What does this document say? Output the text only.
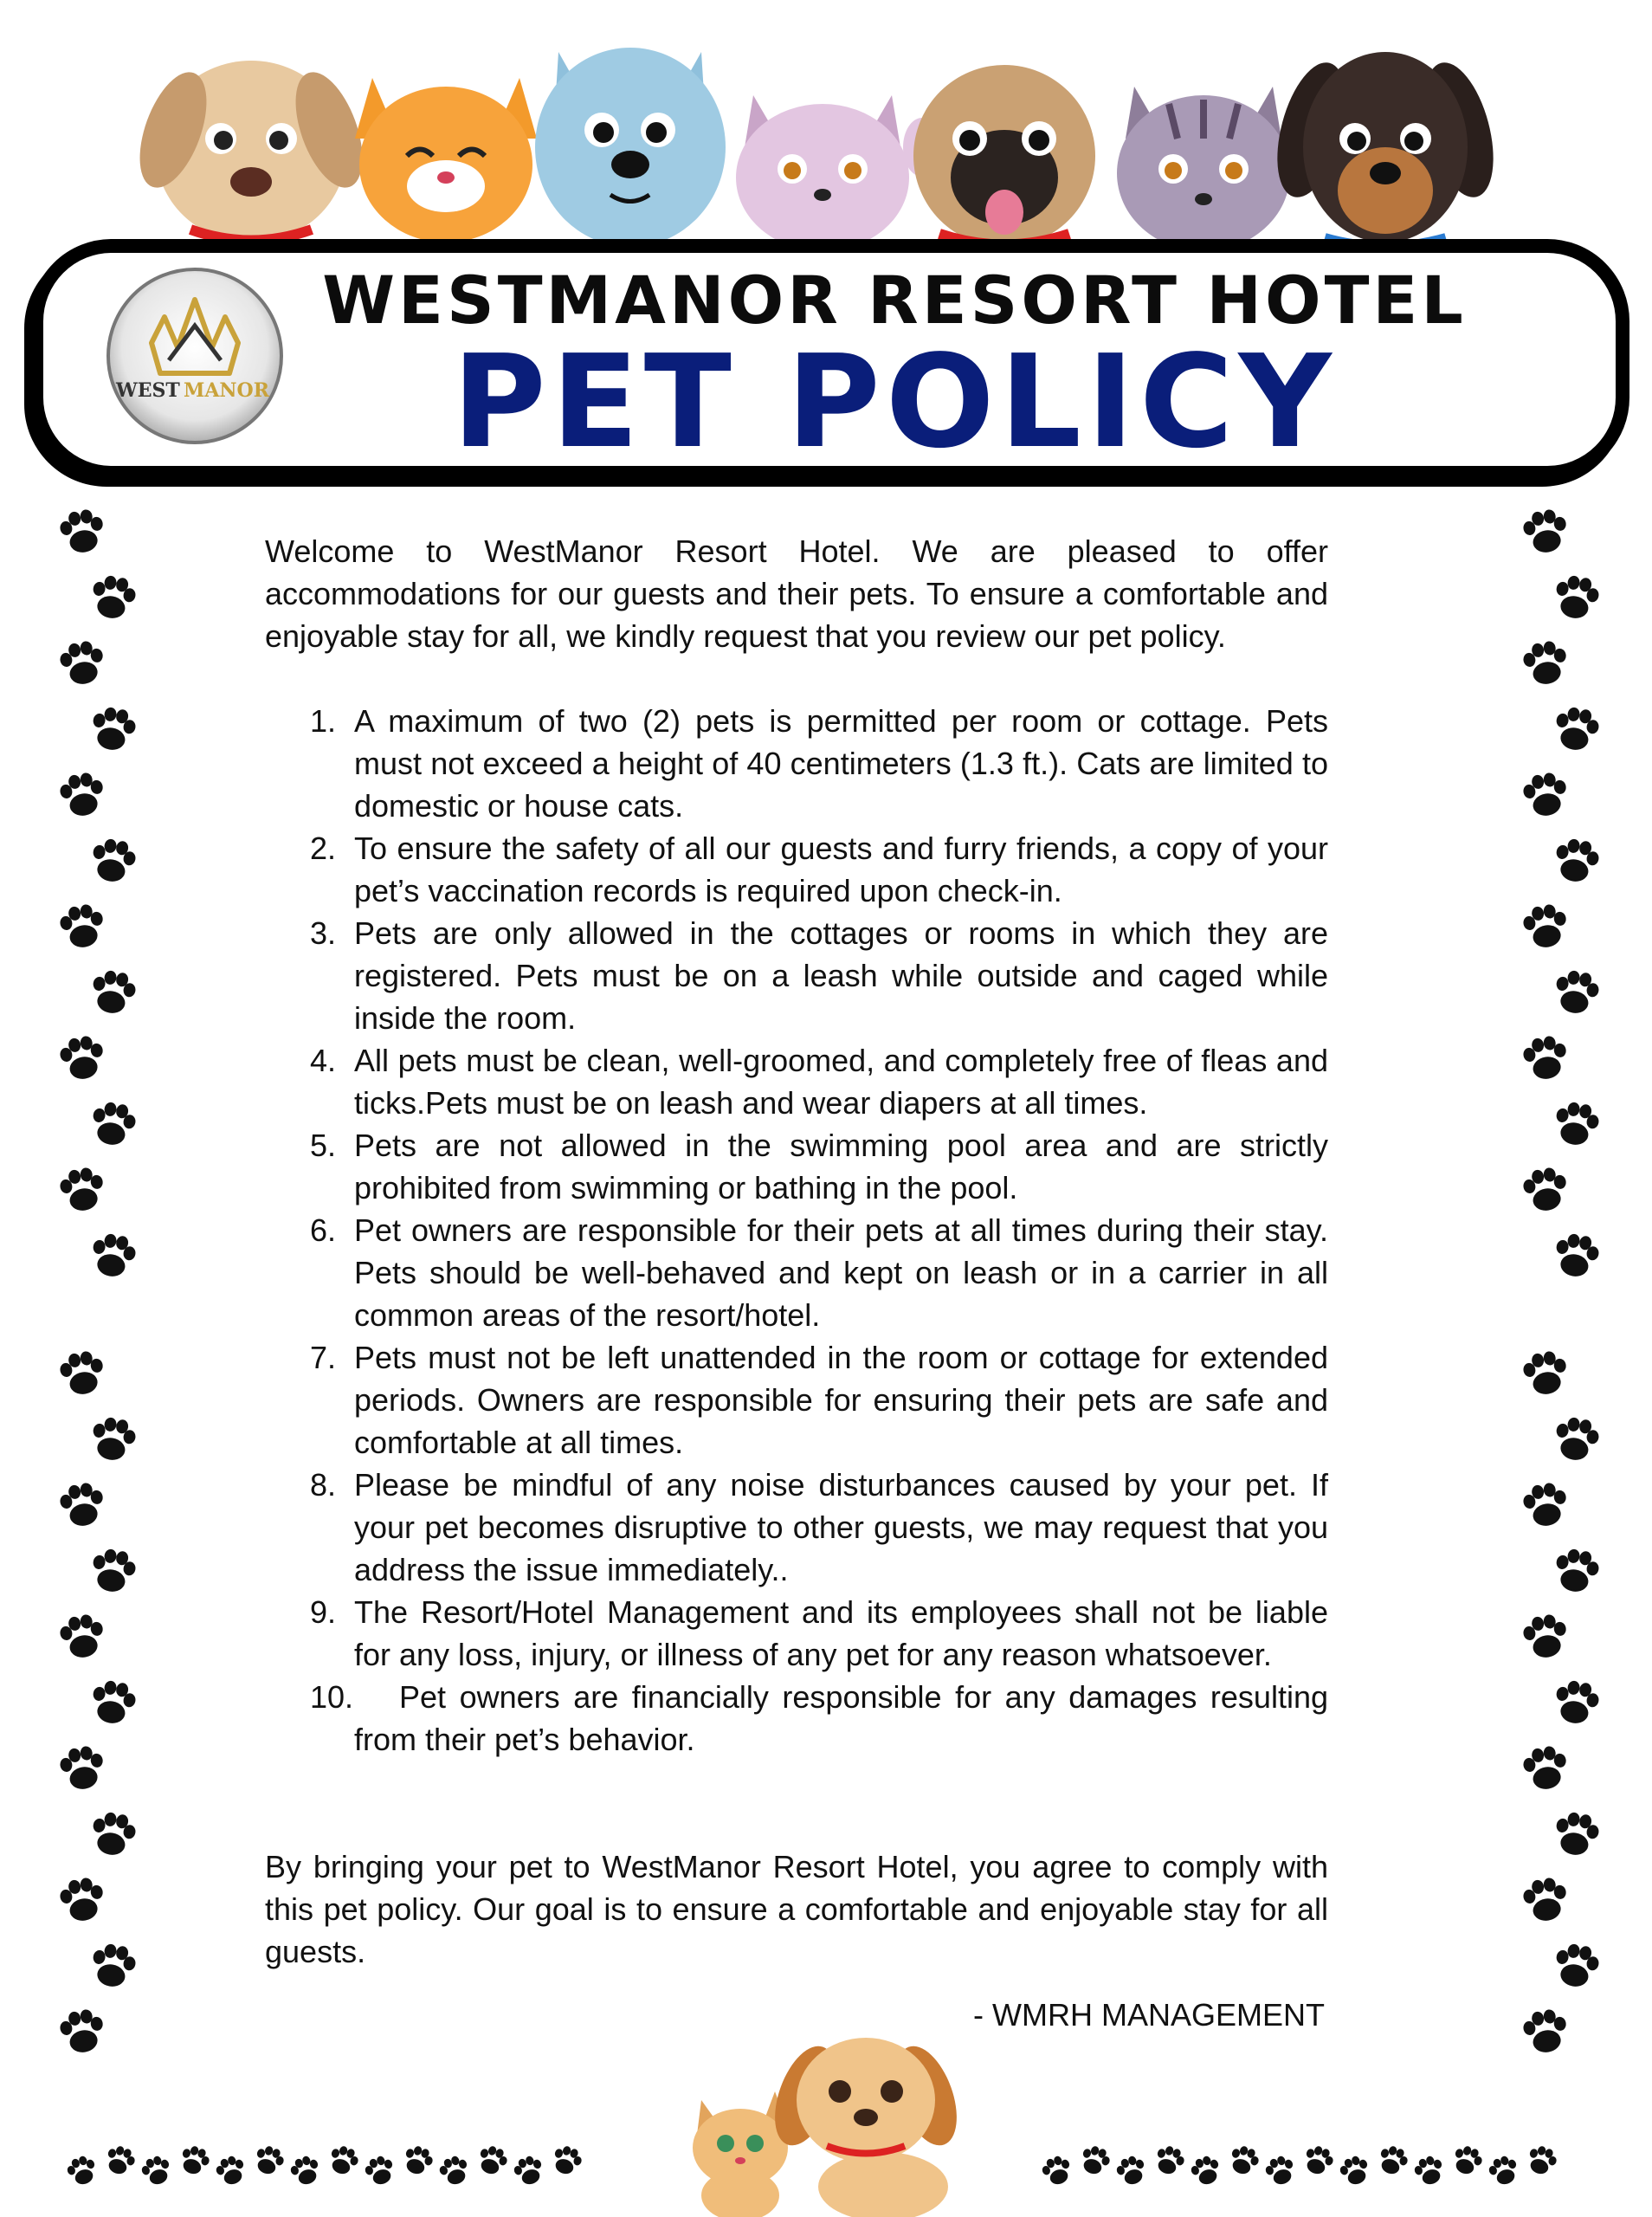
WEST MANOR
WESTMANOR RESORT HOTEL
PET POLICY

Welcome to WestManor Resort Hotel. We are pleased to offer accommodations for our guests and their pets. To ensure a comfortable and enjoyable stay for all, we kindly request that you review our pet policy.

1. A maximum of two (2) pets is permitted per room or cottage. Pets must not exceed a height of 40 centimeters (1.3 ft.). Cats are limited to domestic or house cats.
2. To ensure the safety of all our guests and furry friends, a copy of your pet’s vaccination records is required upon check-in.
3. Pets are only allowed in the cottages or rooms in which they are registered. Pets must be on a leash while outside and caged while inside the room.
4. All pets must be clean, well-groomed, and completely free of fleas and ticks.Pets must be on leash and wear diapers at all times.
5. Pets are not allowed in the swimming pool area and are strictly prohibited from swimming or bathing in the pool.
6. Pet owners are responsible for their pets at all times during their stay. Pets should be well-behaved and kept on leash or in a carrier in all common areas of the resort/hotel.
7. Pets must not be left unattended in the room or cottage for extended periods. Owners are responsible for ensuring their pets are safe and comfortable at all times.
8. Please be mindful of any noise disturbances caused by your pet. If your pet becomes disruptive to other guests, we may request that you address the issue immediately..
9. The Resort/Hotel Management and its employees shall not be liable for any loss, injury, or illness of any pet for any reason whatsoever.
10. Pet owners are financially responsible for any damages resulting from their pet’s behavior.

By bringing your pet to WestManor Resort Hotel, you agree to comply with this pet policy. Our goal is to ensure a comfortable and enjoyable stay for all guests.

- WMRH MANAGEMENT
